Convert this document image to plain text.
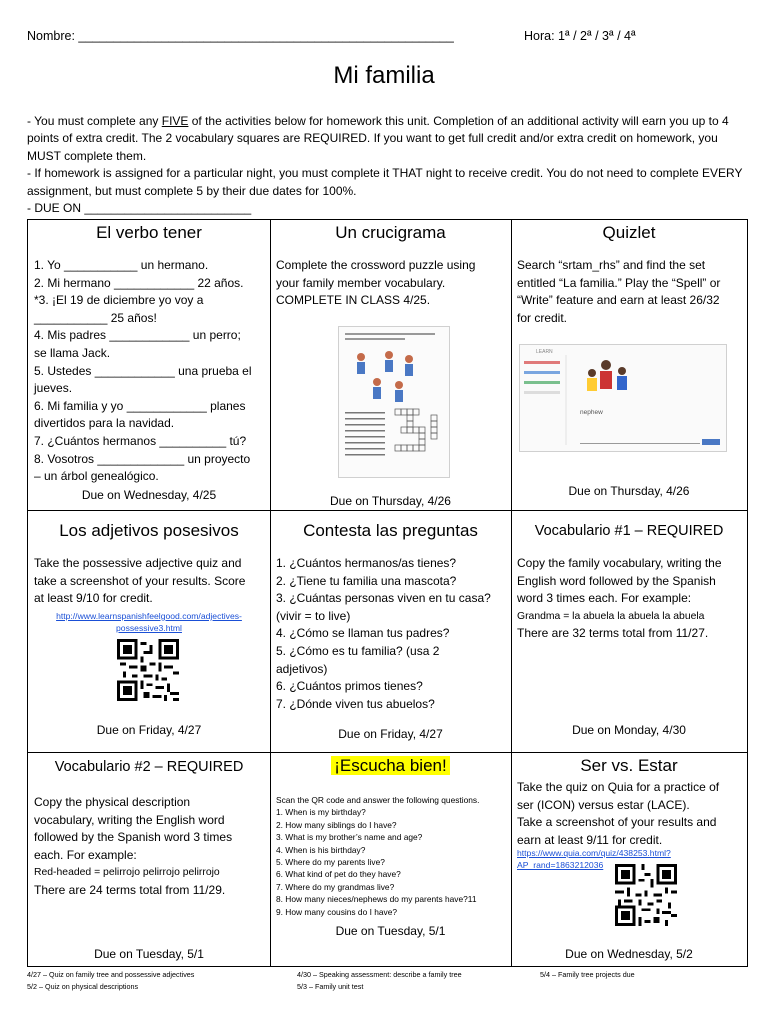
Nombre: ______________________________________________________	Hora: 1ª / 2ª / 3ª / 4ª
Mi familia

- You must complete any FIVE of the activities below for homework this unit. Completion of an additional activity will earn you up to 4 points of extra credit. The 2 vocabulary squares are REQUIRED. If you want to get full credit and/or extra credit on homework, you MUST complete them.

- If homework is assigned for a particular night, you must complete it THAT night to receive credit. You do not need to complete EVERY assignment, but must complete 5 by their due dates for 100%.

- DUE ON _________________________

El verbo tener
1. Yo ___________ un hermano.
2. Mi hermano ____________ 22 años.
*3. ¡El 19 de diciembre yo voy a
___________ 25 años!
4. Mis padres ____________ un perro;
se llama Jack.
5. Ustedes ____________ una prueba el
jueves.
6. Mi familia y yo ____________ planes
divertidos para la navidad.
7. ¿Cuántos hermanos __________ tú?
8. Vosotros _____________ un proyecto
– un árbol genealógico.
Due on Wednesday, 4/25
Un crucigrama
Complete the crossword puzzle using
your family member vocabulary.
COMPLETE IN CLASS 4/25.
Due on Thursday, 4/26
Quizlet
Search “srtam_rhs” and find the set
entitled “La familia.” Play the “Spell” or
“Write” feature and earn at least 26/32
for credit.
LEARN
nephew
Due on Thursday, 4/26
Los adjetivos posesivos
Take the possessive adjective quiz and
take a screenshot of your results. Score
at least 9/10 for credit.
http://www.learnspanishfeelgood.com/adjectives-
possessive3.html
Due on Friday, 4/27
Contesta las preguntas
1. ¿Cuántos hermanos/as tienes?
2. ¿Tiene tu familia una mascota?
3. ¿Cuántas personas viven en tu casa?
(vivir = to live)
4. ¿Cómo se llaman tus padres?
5. ¿Cómo es tu familia? (usa 2
adjetivos)
6. ¿Cuántos primos tienes?
7. ¿Dónde viven tus abuelos?
Due on Friday, 4/27
Vocabulario #1 – REQUIRED
Copy the family vocabulary, writing the
English word followed by the Spanish
word 3 times each. For example:
Grandma = la abuela la abuela la abuela
There are 32 terms total from 11/27.
Due on Monday, 4/30
Vocabulario #2 – REQUIRED
Copy the physical description
vocabulary, writing the English word
followed by the Spanish word 3 times
each. For example:
Red-headed = pelirrojo pelirrojo pelirrojo
There are 24 terms total from 11/29.
Due on Tuesday, 5/1
¡Escucha bien!
Scan the QR code and answer the following questions.
1. When is my birthday?
2. How many siblings do I have?
3. What is my brother’s name and age?
4. When is his birthday?
5. Where do my parents live?
6. What kind of pet do they have?
7. Where do my grandmas live?
8. How many nieces/nephews do my parents have?11
9. How many cousins do I have?
Due on Tuesday, 5/1
Ser vs. Estar
Take the quiz on Quia for a practice of
ser (ICON) versus estar (LACE).
Take a screenshot of your results and
earn at least 9/11 for credit.
https://www.quia.com/quiz/438253.html?
AP_rand=1863212036
Due on Wednesday, 5/2
4/27 – Quiz on family tree and possessive adjectives
5/2 – Quiz on physical descriptions
4/30 – Speaking assessment: describe a family tree
5/3 – Family unit test
5/4 – Family tree projects due
